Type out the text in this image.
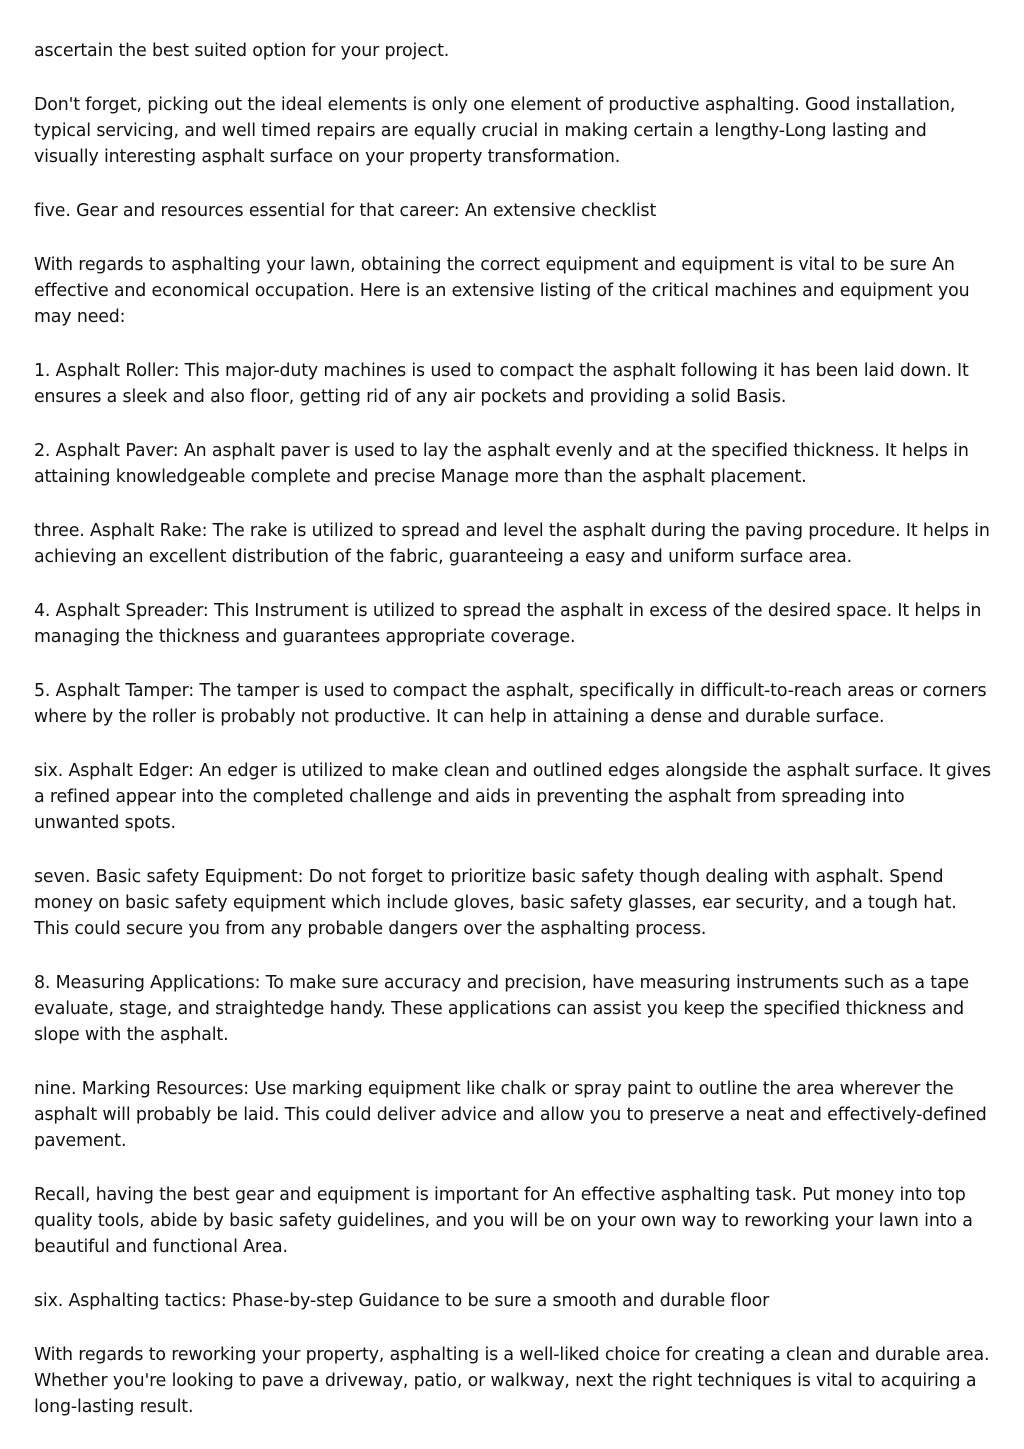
ascertain the best suited option for your project.

Don't forget, picking out the ideal elements is only one element of productive asphalting. Good installation, typical servicing, and well timed repairs are equally crucial in making certain a lengthy-Long lasting and visually interesting asphalt surface on your property transformation.

five. Gear and resources essential for that career: An extensive checklist

With regards to asphalting your lawn, obtaining the correct equipment and equipment is vital to be sure An effective and economical occupation. Here is an extensive listing of the critical machines and equipment you may need:

1. Asphalt Roller: This major-duty machines is used to compact the asphalt following it has been laid down. It ensures a sleek and also floor, getting rid of any air pockets and providing a solid Basis.

2. Asphalt Paver: An asphalt paver is used to lay the asphalt evenly and at the specified thickness. It helps in attaining knowledgeable complete and precise Manage more than the asphalt placement.

three. Asphalt Rake: The rake is utilized to spread and level the asphalt during the paving procedure. It helps in achieving an excellent distribution of the fabric, guaranteeing a easy and uniform surface area.

4. Asphalt Spreader: This Instrument is utilized to spread the asphalt in excess of the desired space. It helps in managing the thickness and guarantees appropriate coverage.

5. Asphalt Tamper: The tamper is used to compact the asphalt, specifically in difficult-to-reach areas or corners where by the roller is probably not productive. It can help in attaining a dense and durable surface.

six. Asphalt Edger: An edger is utilized to make clean and outlined edges alongside the asphalt surface. It gives a refined appear into the completed challenge and aids in preventing the asphalt from spreading into unwanted spots.

seven. Basic safety Equipment: Do not forget to prioritize basic safety though dealing with asphalt. Spend money on basic safety equipment which include gloves, basic safety glasses, ear security, and a tough hat. This could secure you from any probable dangers over the asphalting process.

8. Measuring Applications: To make sure accuracy and precision, have measuring instruments such as a tape evaluate, stage, and straightedge handy. These applications can assist you keep the specified thickness and slope with the asphalt.

nine. Marking Resources: Use marking equipment like chalk or spray paint to outline the area wherever the asphalt will probably be laid. This could deliver advice and allow you to preserve a neat and effectively-defined pavement.

Recall, having the best gear and equipment is important for An effective asphalting task. Put money into top quality tools, abide by basic safety guidelines, and you will be on your own way to reworking your lawn into a beautiful and functional Area.

six. Asphalting tactics: Phase-by-step Guidance to be sure a smooth and durable floor

With regards to reworking your property, asphalting is a well-liked choice for creating a clean and durable area. Whether you're looking to pave a driveway, patio, or walkway, next the right techniques is vital to acquiring a long-lasting result.
